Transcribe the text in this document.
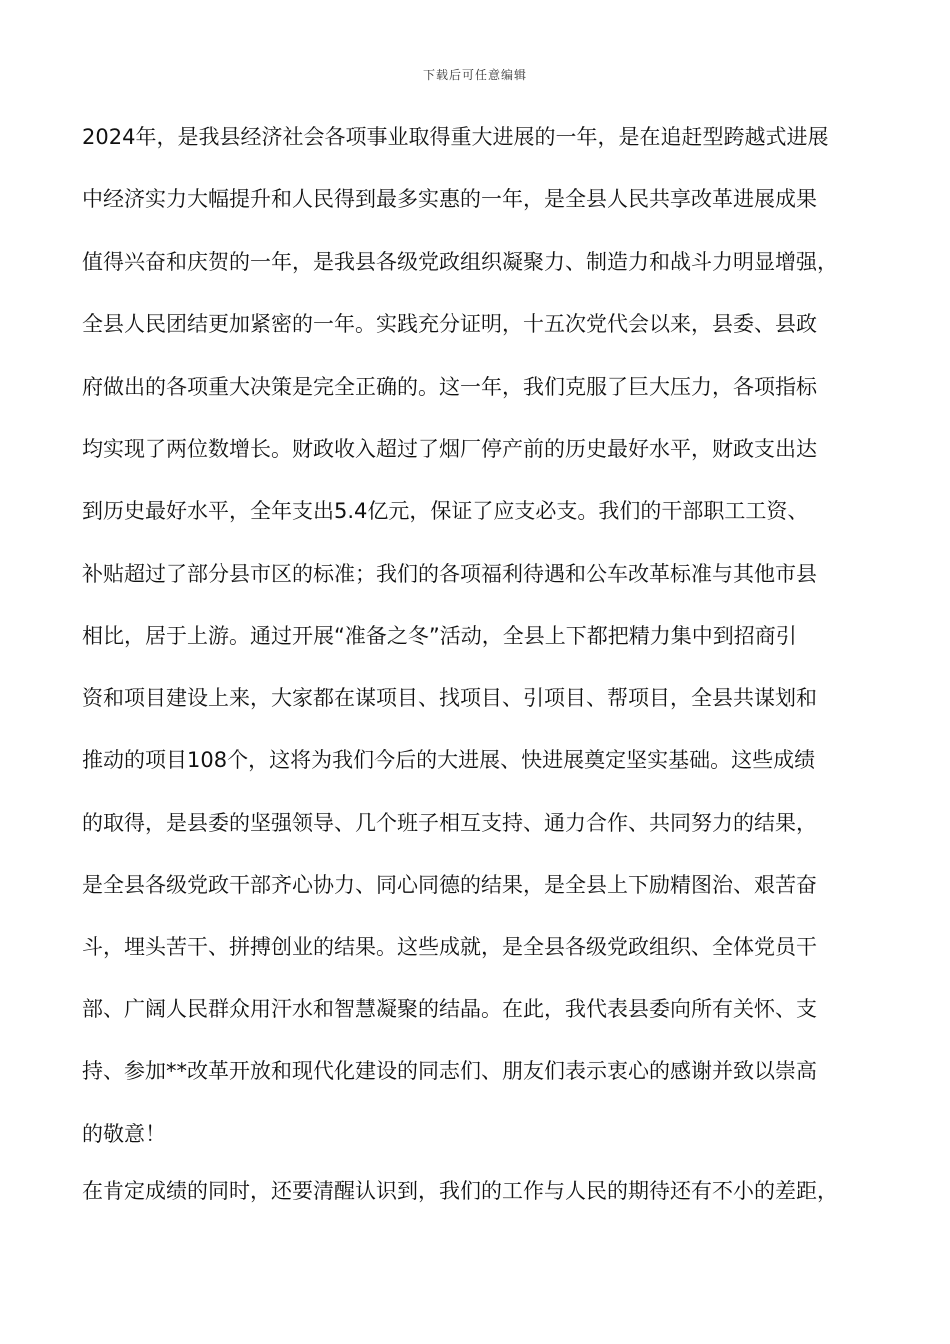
下载后可任意编辑
2024年，是我县经济社会各项事业取得重大进展的一年，是在追赶型跨越式进展
中经济实力大幅提升和人民得到最多实惠的一年，是全县人民共享改革进展成果
值得兴奋和庆贺的一年，是我县各级党政组织凝聚力、制造力和战斗力明显增强，
全县人民团结更加紧密的一年。实践充分证明，十五次党代会以来，县委、县政
府做出的各项重大决策是完全正确的。这一年，我们克服了巨大压力，各项指标
均实现了两位数增长。财政收入超过了烟厂停产前的历史最好水平，财政支出达
到历史最好水平，全年支出5.4亿元，保证了应支必支。我们的干部职工工资、
补贴超过了部分县市区的标准；我们的各项福利待遇和公车改革标准与其他市县
相比，居于上游。通过开展“准备之冬”活动，全县上下都把精力集中到招商引
资和项目建设上来，大家都在谋项目、找项目、引项目、帮项目，全县共谋划和
推动的项目108个，这将为我们今后的大进展、快进展奠定坚实基础。这些成绩
的取得，是县委的坚强领导、几个班子相互支持、通力合作、共同努力的结果，
是全县各级党政干部齐心协力、同心同德的结果，是全县上下励精图治、艰苦奋
斗，埋头苦干、拼搏创业的结果。这些成就，是全县各级党政组织、全体党员干
部、广阔人民群众用汗水和智慧凝聚的结晶。在此，我代表县委向所有关怀、支
持、参加**改革开放和现代化建设的同志们、朋友们表示衷心的感谢并致以崇高
的敬意！
在肯定成绩的同时，还要清醒认识到，我们的工作与人民的期待还有不小的差距，
